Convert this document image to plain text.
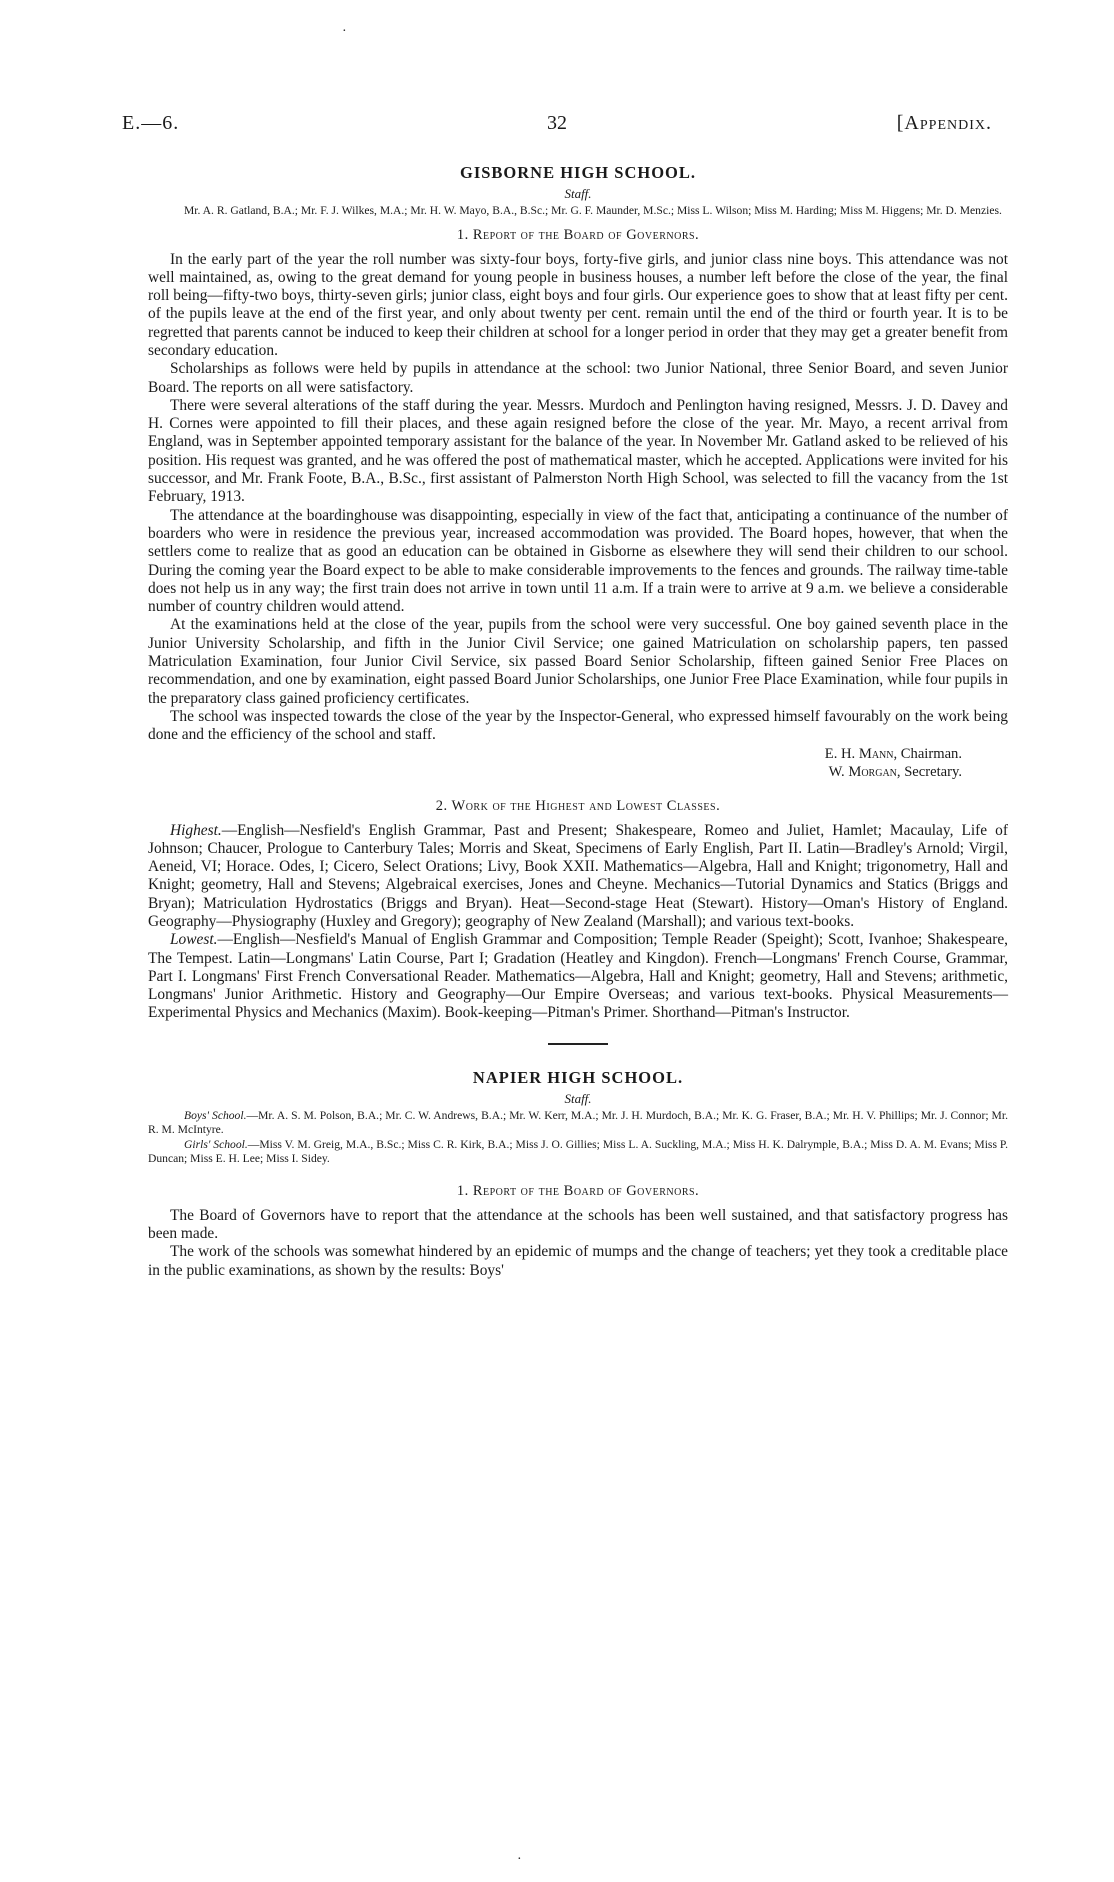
·
E.—6.	32	[Appendix.
GISBORNE HIGH SCHOOL.

Staff.

Mr. A. R. Gatland, B.A.; Mr. F. J. Wilkes, M.A.; Mr. H. W. Mayo, B.A., B.Sc.; Mr. G. F. Maunder, M.Sc.; Miss L. Wilson; Miss M. Harding; Miss M. Higgens; Mr. D. Menzies.

1. Report of the Board of Governors.

In the early part of the year the roll number was sixty-four boys, forty-five girls, and junior class nine boys. This attendance was not well maintained, as, owing to the great demand for young people in business houses, a number left before the close of the year, the final roll being—fifty-two boys, thirty-seven girls; junior class, eight boys and four girls. Our experience goes to show that at least fifty per cent. of the pupils leave at the end of the first year, and only about twenty per cent. remain until the end of the third or fourth year. It is to be regretted that parents cannot be induced to keep their children at school for a longer period in order that they may get a greater benefit from secondary education.

Scholarships as follows were held by pupils in attendance at the school: two Junior National, three Senior Board, and seven Junior Board. The reports on all were satisfactory.

There were several alterations of the staff during the year. Messrs. Murdoch and Penlington having resigned, Messrs. J. D. Davey and H. Cornes were appointed to fill their places, and these again resigned before the close of the year. Mr. Mayo, a recent arrival from England, was in September appointed temporary assistant for the balance of the year. In November Mr. Gatland asked to be relieved of his position. His request was granted, and he was offered the post of mathematical master, which he accepted. Applications were invited for his successor, and Mr. Frank Foote, B.A., B.Sc., first assistant of Palmerston North High School, was selected to fill the vacancy from the 1st February, 1913.

The attendance at the boardinghouse was disappointing, especially in view of the fact that, anticipating a continuance of the number of boarders who were in residence the previous year, increased accommodation was provided. The Board hopes, however, that when the settlers come to realize that as good an education can be obtained in Gisborne as elsewhere they will send their children to our school. During the coming year the Board expect to be able to make considerable improvements to the fences and grounds. The railway time-table does not help us in any way; the first train does not arrive in town until 11 a.m. If a train were to arrive at 9 a.m. we believe a considerable number of country children would attend.

At the examinations held at the close of the year, pupils from the school were very successful. One boy gained seventh place in the Junior University Scholarship, and fifth in the Junior Civil Service; one gained Matriculation on scholarship papers, ten passed Matriculation Examination, four Junior Civil Service, six passed Board Senior Scholarship, fifteen gained Senior Free Places on recommendation, and one by examination, eight passed Board Junior Scholarships, one Junior Free Place Examination, while four pupils in the preparatory class gained proficiency certificates.

The school was inspected towards the close of the year by the Inspector-General, who expressed himself favourably on the work being done and the efficiency of the school and staff.

E. H. Mann, Chairman.

W. Morgan, Secretary.

2. Work of the Highest and Lowest Classes.

Highest.—English—Nesfield's English Grammar, Past and Present; Shakespeare, Romeo and Juliet, Hamlet; Macaulay, Life of Johnson; Chaucer, Prologue to Canterbury Tales; Morris and Skeat, Specimens of Early English, Part II. Latin—Bradley's Arnold; Virgil, Aeneid, VI; Horace. Odes, I; Cicero, Select Orations; Livy, Book XXII. Mathematics—Algebra, Hall and Knight; trigonometry, Hall and Knight; geometry, Hall and Stevens; Algebraical exercises, Jones and Cheyne. Mechanics—Tutorial Dynamics and Statics (Briggs and Bryan); Matriculation Hydrostatics (Briggs and Bryan). Heat—Second-stage Heat (Stewart). History—Oman's History of England. Geography—Physiography (Huxley and Gregory); geography of New Zealand (Marshall); and various text-books.

Lowest.—English—Nesfield's Manual of English Grammar and Composition; Temple Reader (Speight); Scott, Ivanhoe; Shakespeare, The Tempest. Latin—Longmans' Latin Course, Part I; Gradation (Heatley and Kingdon). French—Longmans' French Course, Grammar, Part I. Longmans' First French Conversational Reader. Mathematics—Algebra, Hall and Knight; geometry, Hall and Stevens; arithmetic, Longmans' Junior Arithmetic. History and Geography—Our Empire Overseas; and various text-books. Physical Measurements—Experimental Physics and Mechanics (Maxim). Book-keeping—Pitman's Primer. Shorthand—Pitman's Instructor.

NAPIER HIGH SCHOOL.

Staff.

Boys' School.—Mr. A. S. M. Polson, B.A.; Mr. C. W. Andrews, B.A.; Mr. W. Kerr, M.A.; Mr. J. H. Murdoch, B.A.; Mr. K. G. Fraser, B.A.; Mr. H. V. Phillips; Mr. J. Connor; Mr. R. M. McIntyre.

Girls' School.—Miss V. M. Greig, M.A., B.Sc.; Miss C. R. Kirk, B.A.; Miss J. O. Gillies; Miss L. A. Suckling, M.A.; Miss H. K. Dalrymple, B.A.; Miss D. A. M. Evans; Miss P. Duncan; Miss E. H. Lee; Miss I. Sidey.

1. Report of the Board of Governors.

The Board of Governors have to report that the attendance at the schools has been well sustained, and that satisfactory progress has been made.

The work of the schools was somewhat hindered by an epidemic of mumps and the change of teachers; yet they took a creditable place in the public examinations, as shown by the results: Boys'

·
